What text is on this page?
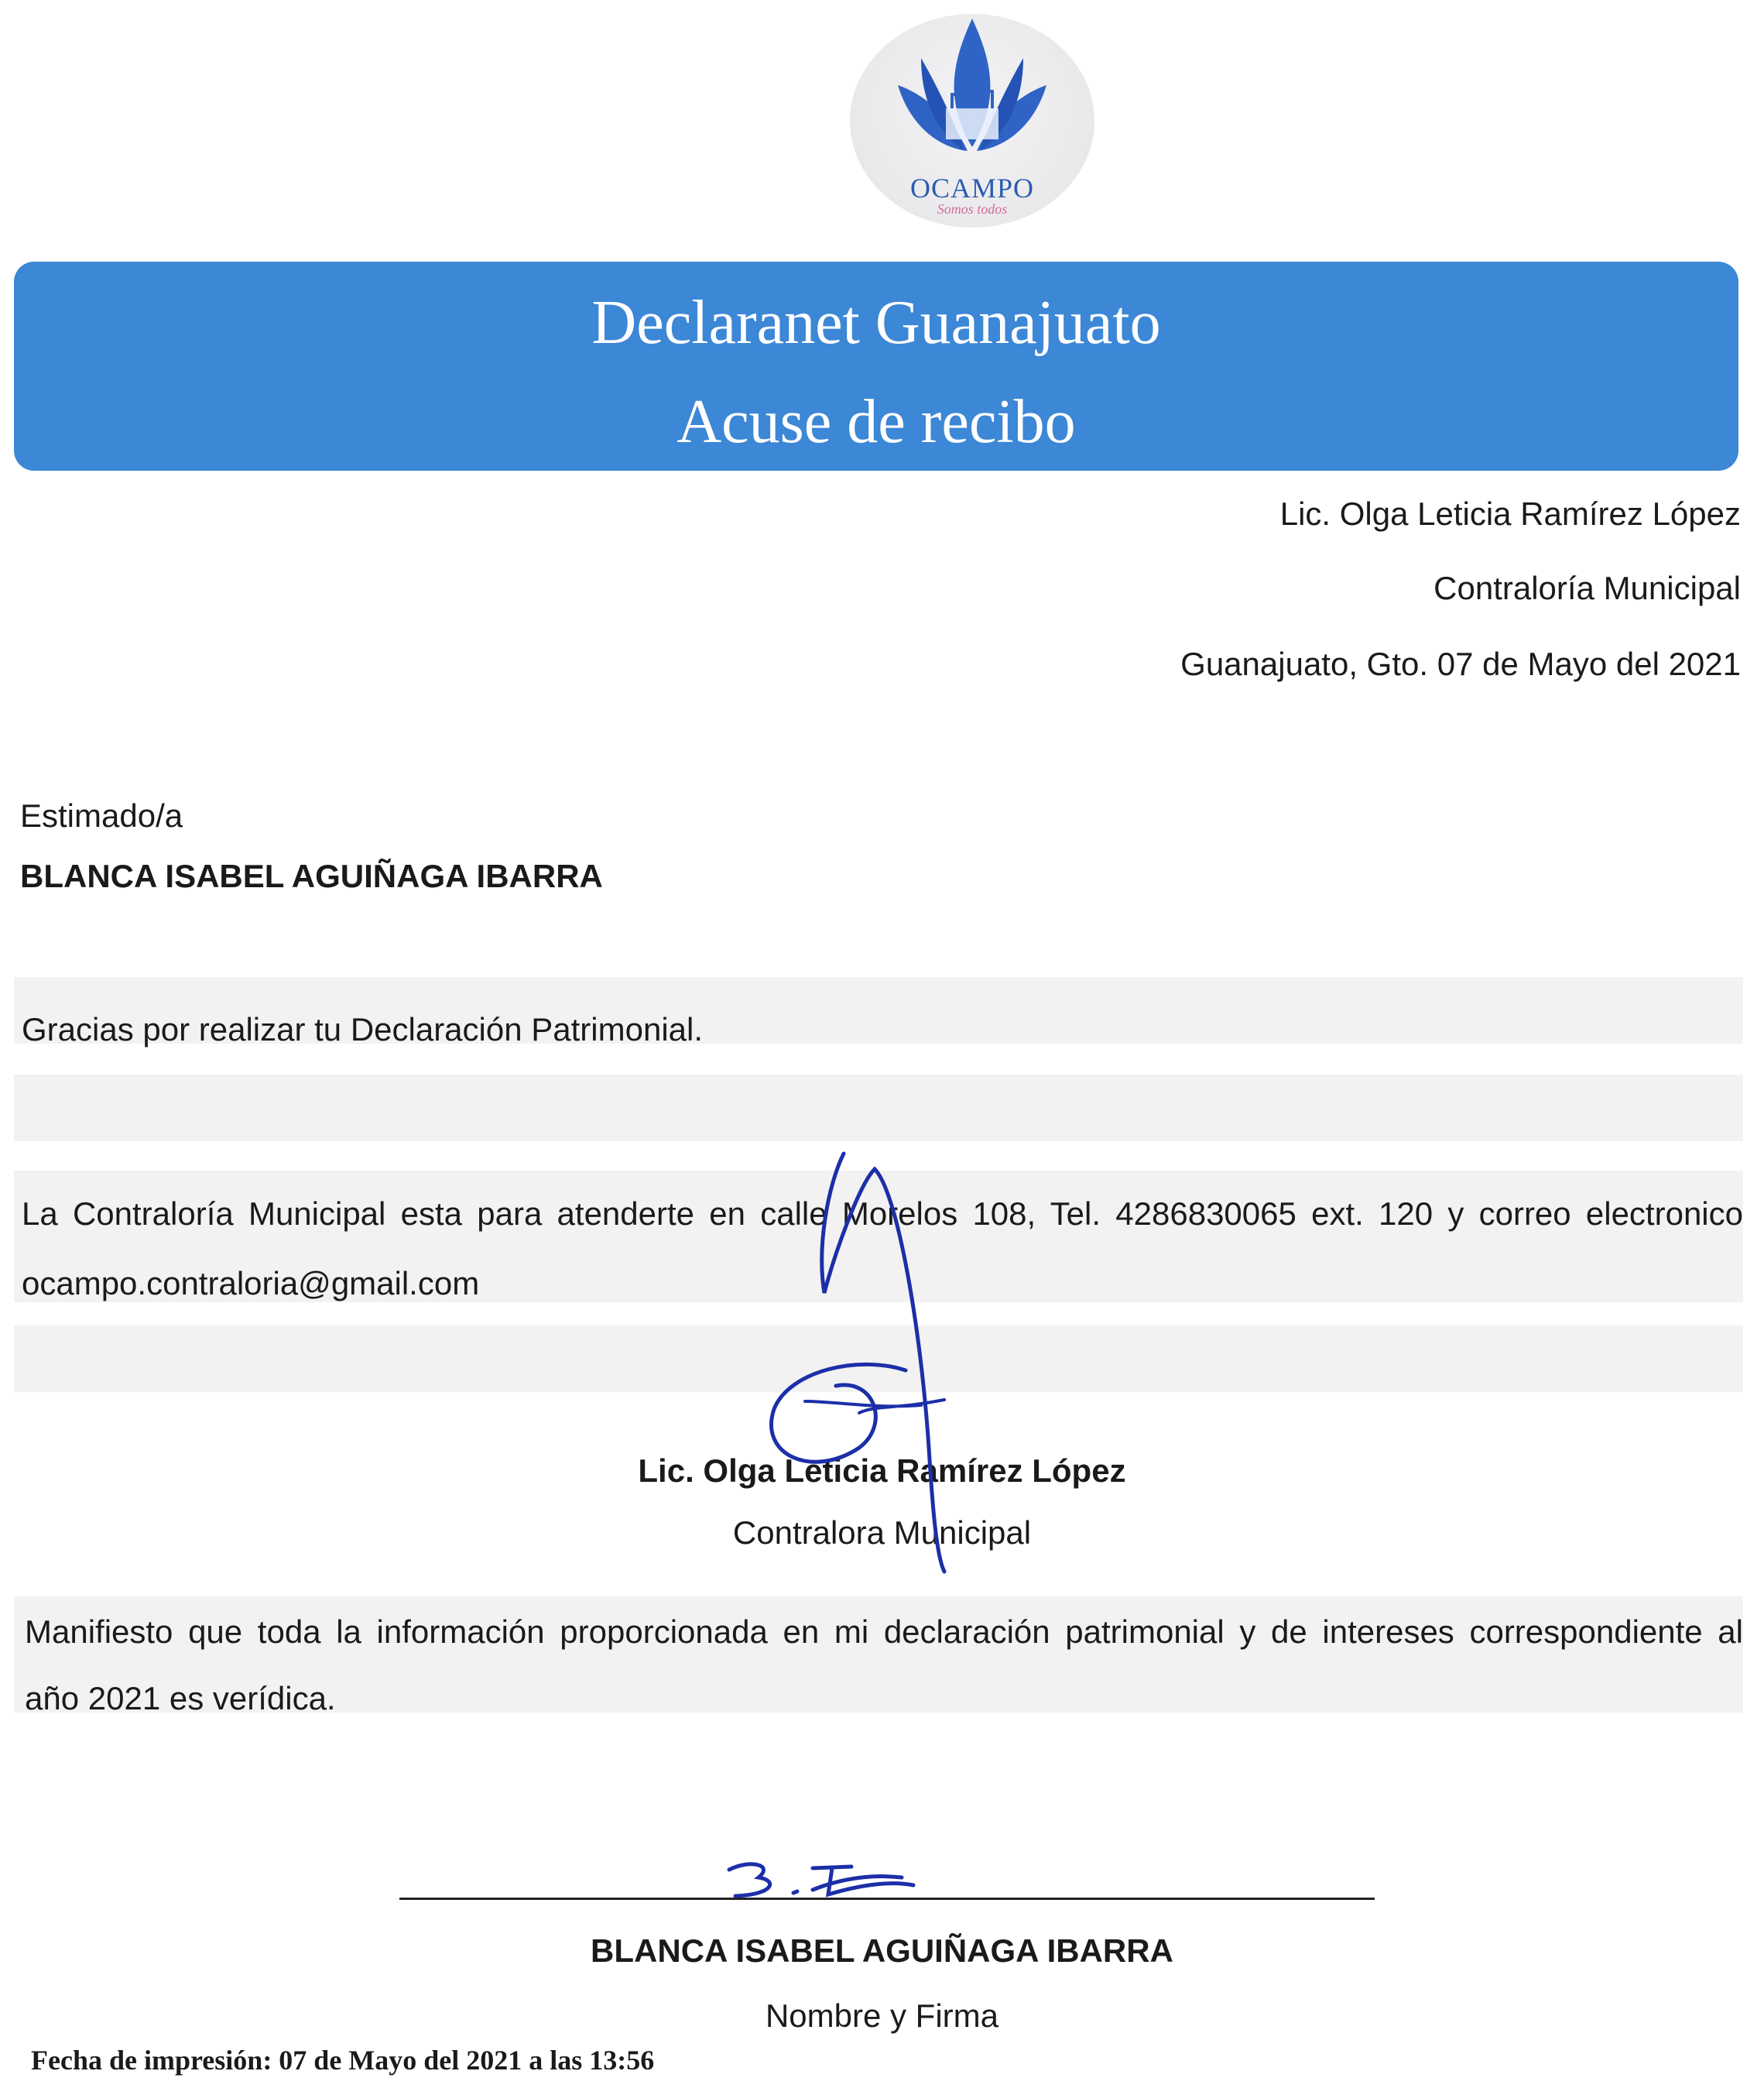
OCAMPO
Somos todos
Declaranet Guanajuato
Acuse de recibo
Lic. Olga Leticia Ramírez López
Contraloría Municipal
Guanajuato, Gto. 07 de Mayo del 2021
Estimado/a
BLANCA ISABEL AGUIÑAGA IBARRA
Gracias por realizar tu Declaración Patrimonial.
La Contraloría Municipal esta para atenderte en calle Morelos 108, Tel. 4286830065 ext. 120 y correo electronico
ocampo.contraloria@gmail.com
Lic. Olga Leticia Ramírez López
Contralora Municipal
Manifiesto que toda la información proporcionada en mi declaración patrimonial y de intereses correspondiente al
año 2021 es verídica.
BLANCA ISABEL AGUIÑAGA IBARRA
Nombre y Firma
Fecha de impresión: 07 de Mayo del 2021 a las 13:56
